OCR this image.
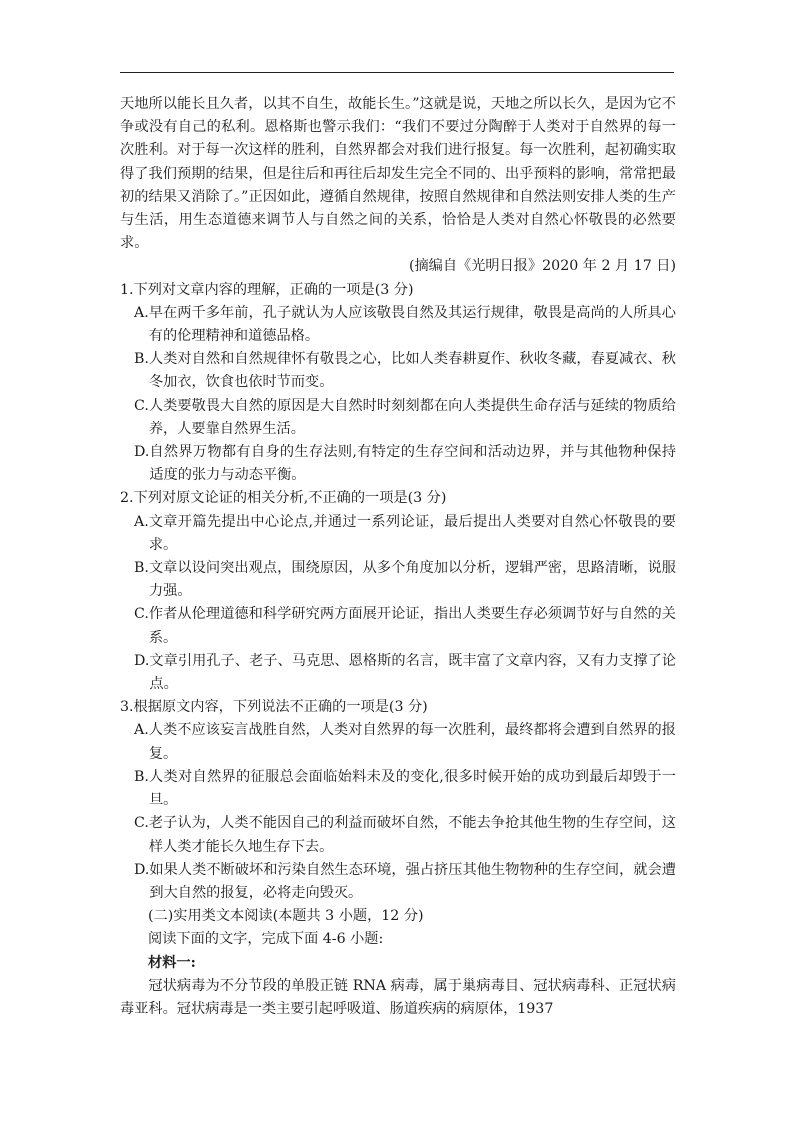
天地所以能长且久者，以其不自生，故能长生。”这就是说，天地之所以长久，是因为它不争或没有自己的私利。恩格斯也警示我们：“我们不要过分陶醉于人类对于自然界的每一次胜利。对于每一次这样的胜利，自然界都会对我们进行报复。每一次胜利，起初确实取得了我们预期的结果，但是往后和再往后却发生完全不同的、出乎预料的影响，常常把最初的结果又消除了。”正因如此，遵循自然规律，按照自然规律和自然法则安排人类的生产与生活，用生态道德来调节人与自然之间的关系，恰恰是人类对自然心怀敬畏的必然要求。

(摘编自《光明日报》2020 年 2 月 17 日)

1.下列对文章内容的理解，正确的一项是(3 分)

A. 早在两千多年前，孔子就认为人应该敬畏自然及其运行规律，敬畏是高尚的人所具心有的伦理精神和道德品格。
B. 人类对自然和自然规律怀有敬畏之心，比如人类春耕夏作、秋收冬藏，春夏减衣、秋冬加衣，饮食也依时节而变。
C. 人类要敬畏大自然的原因是大自然时时刻刻都在向人类提供生命存活与延续的物质给养，人要靠自然界生活。
D. 自然界万物都有自身的生存法则,有特定的生存空间和活动边界，并与其他物种保持适度的张力与动态平衡。

2.下列对原文论证的相关分析,不正确的一项是(3 分)

A. 文章开篇先提出中心论点,并通过一系列论证，最后提出人类要对自然心怀敬畏的要求。
B. 文章以设问突出观点，围绕原因，从多个角度加以分析，逻辑严密，思路清晰，说服力强。
C. 作者从伦理道德和科学研究两方面展开论证，指出人类要生存必须调节好与自然的关系。
D. 文章引用孔子、老子、马克思、恩格斯的名言，既丰富了文章内容，又有力支撑了论点。

3.根据原文内容，下列说法不正确的一项是(3 分)

A. 人类不应该妄言战胜自然，人类对自然界的每一次胜利，最终都将会遭到自然界的报复。
B. 人类对自然界的征服总会面临始料未及的变化,很多时候开始的成功到最后却毁于一旦。
C. 老子认为，人类不能因自己的利益而破坏自然，不能去争抢其他生物的生存空间，这样人类才能长久地生存下去。
D. 如果人类不断破坏和污染自然生态环境，强占挤压其他生物物种的生存空间，就会遭到大自然的报复，必将走向毁灭。

(二)实用类文本阅读(本题共 3 小题，12 分)

阅读下面的文字，完成下面 4-6 小题:

材料一:

冠状病毒为不分节段的单股正链 RNA 病毒，属于巢病毒目、冠状病毒科、正冠状病毒亚科。冠状病毒是一类主要引起呼吸道、肠道疾病的病原体，1937
